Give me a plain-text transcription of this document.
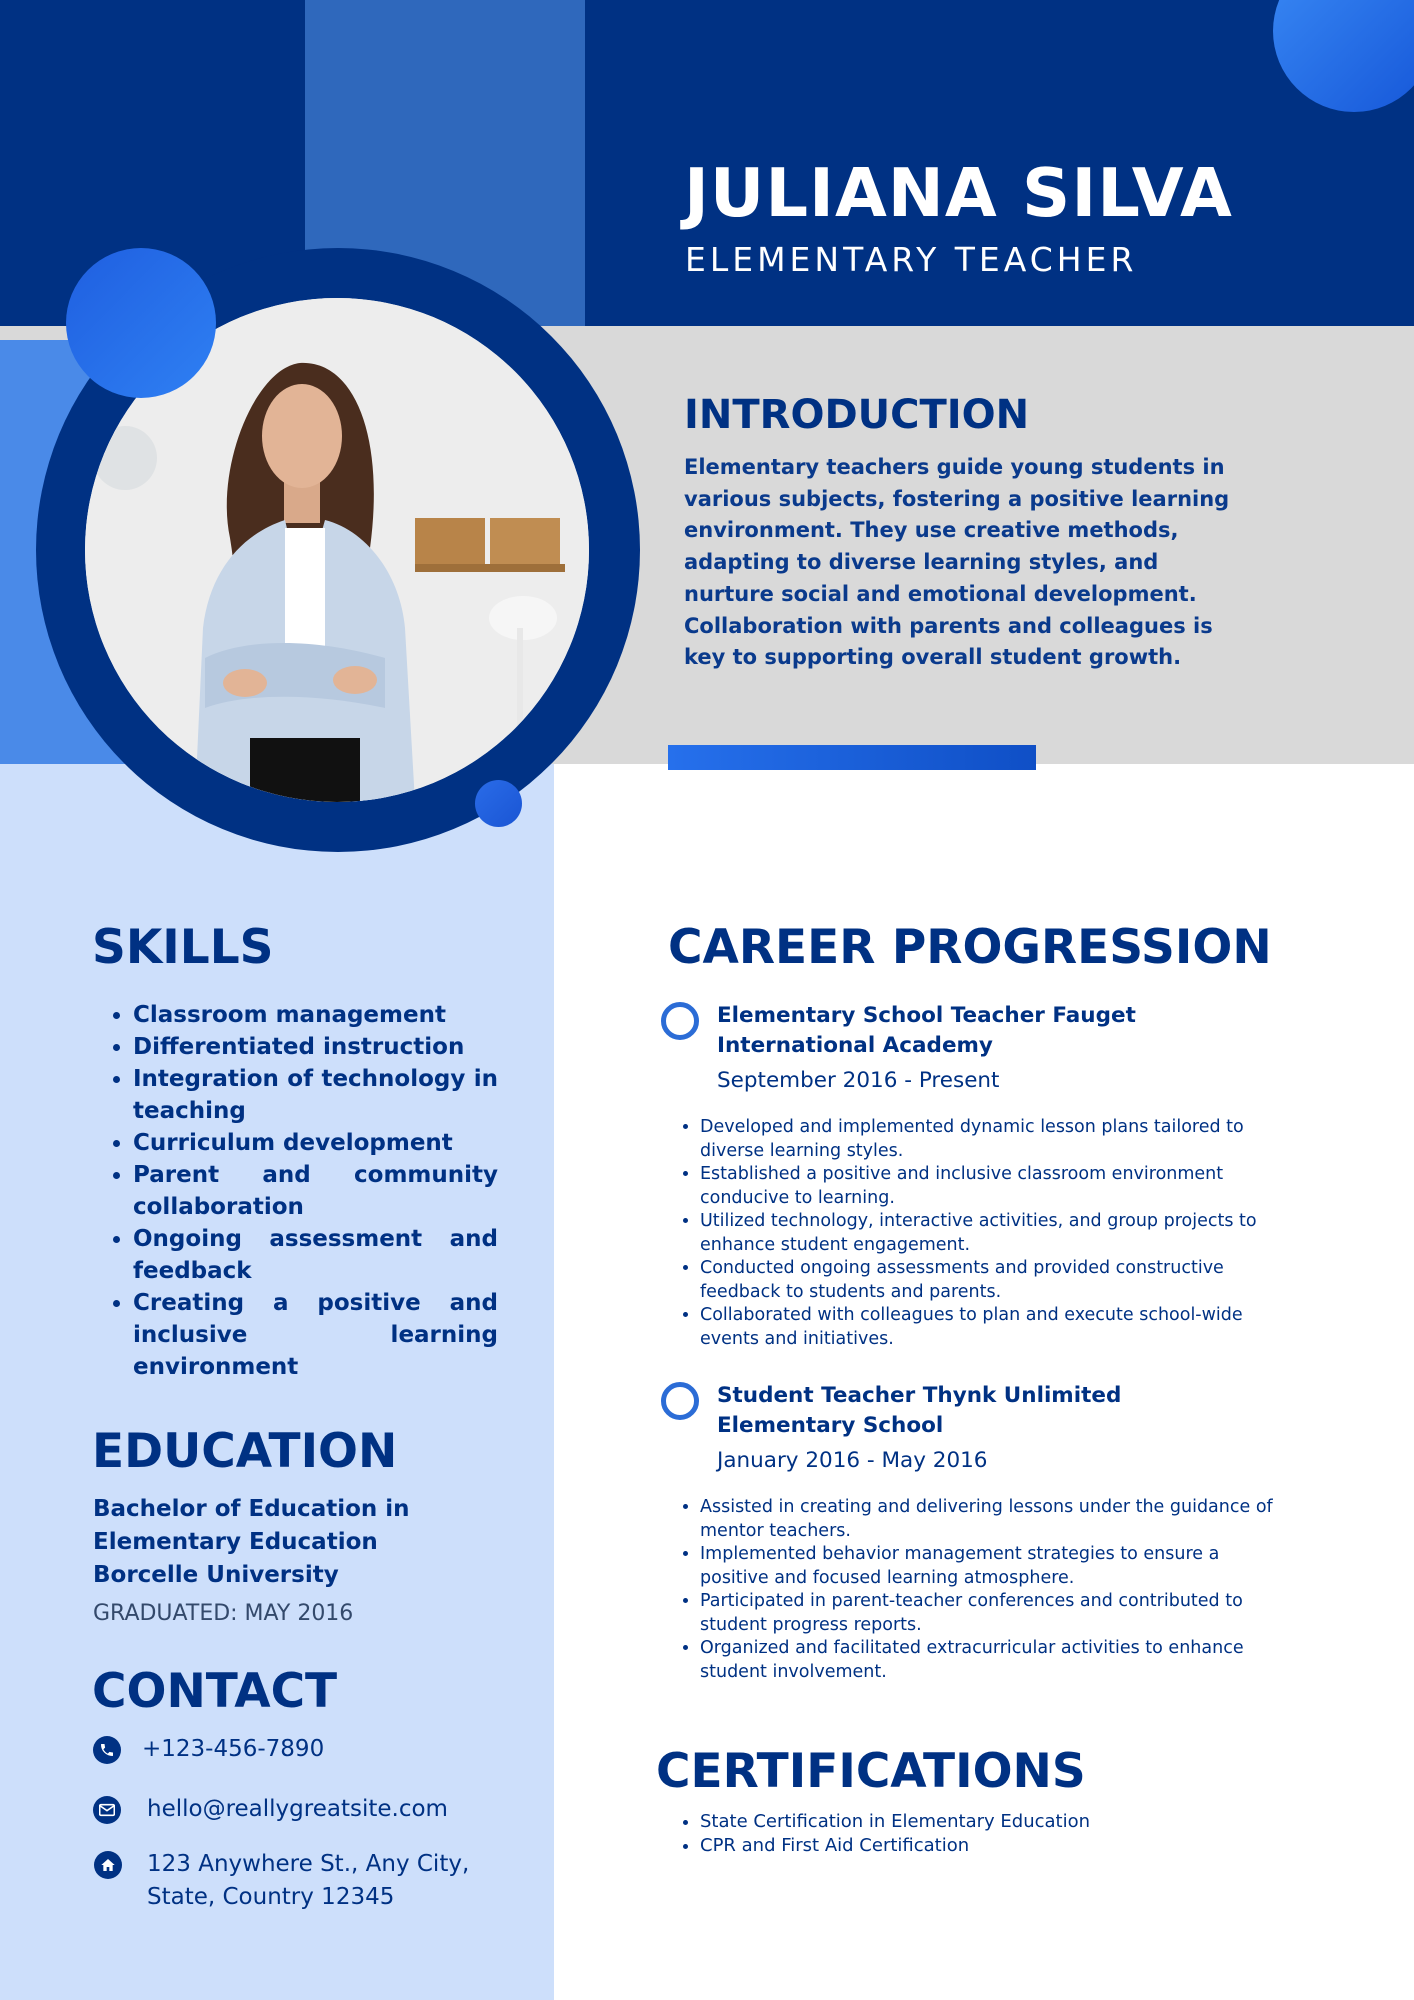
JULIANA SILVA
ELEMENTARY TEACHER
INTRODUCTION

Elementary teachers guide young students in various subjects, fostering a positive learning environment. They use creative methods, adapting to diverse learning styles, and nurture social and emotional development. Collaboration with parents and colleagues is key to supporting overall student growth.

SKILLS
• Classroom management
• Differentiated instruction
• Integration of technology in teaching
• Curriculum development
• Parent and community collaboration
• Ongoing assessment and feedback
• Creating a positive and inclusive learning environment
EDUCATION
Bachelor of Education in
Elementary Education
Borcelle University
GRADUATED: MAY 2016
CONTACT
+123-456-7890
hello@reallygreatsite.com
123 Anywhere St., Any City,
State, Country 12345
CAREER PROGRESSION
Elementary School Teacher Fauget
International Academy
September 2016 - Present
• Developed and implemented dynamic lesson plans tailored to diverse learning styles.
• Established a positive and inclusive classroom environment conducive to learning.
• Utilized technology, interactive activities, and group projects to enhance student engagement.
• Conducted ongoing assessments and provided constructive feedback to students and parents.
• Collaborated with colleagues to plan and execute school-wide events and initiatives.
Student Teacher Thynk Unlimited
Elementary School
January 2016 - May 2016
• Assisted in creating and delivering lessons under the guidance of mentor teachers.
• Implemented behavior management strategies to ensure a positive and focused learning atmosphere.
• Participated in parent-teacher conferences and contributed to student progress reports.
• Organized and facilitated extracurricular activities to enhance student involvement.
CERTIFICATIONS
• State Certification in Elementary Education
• CPR and First Aid Certification
